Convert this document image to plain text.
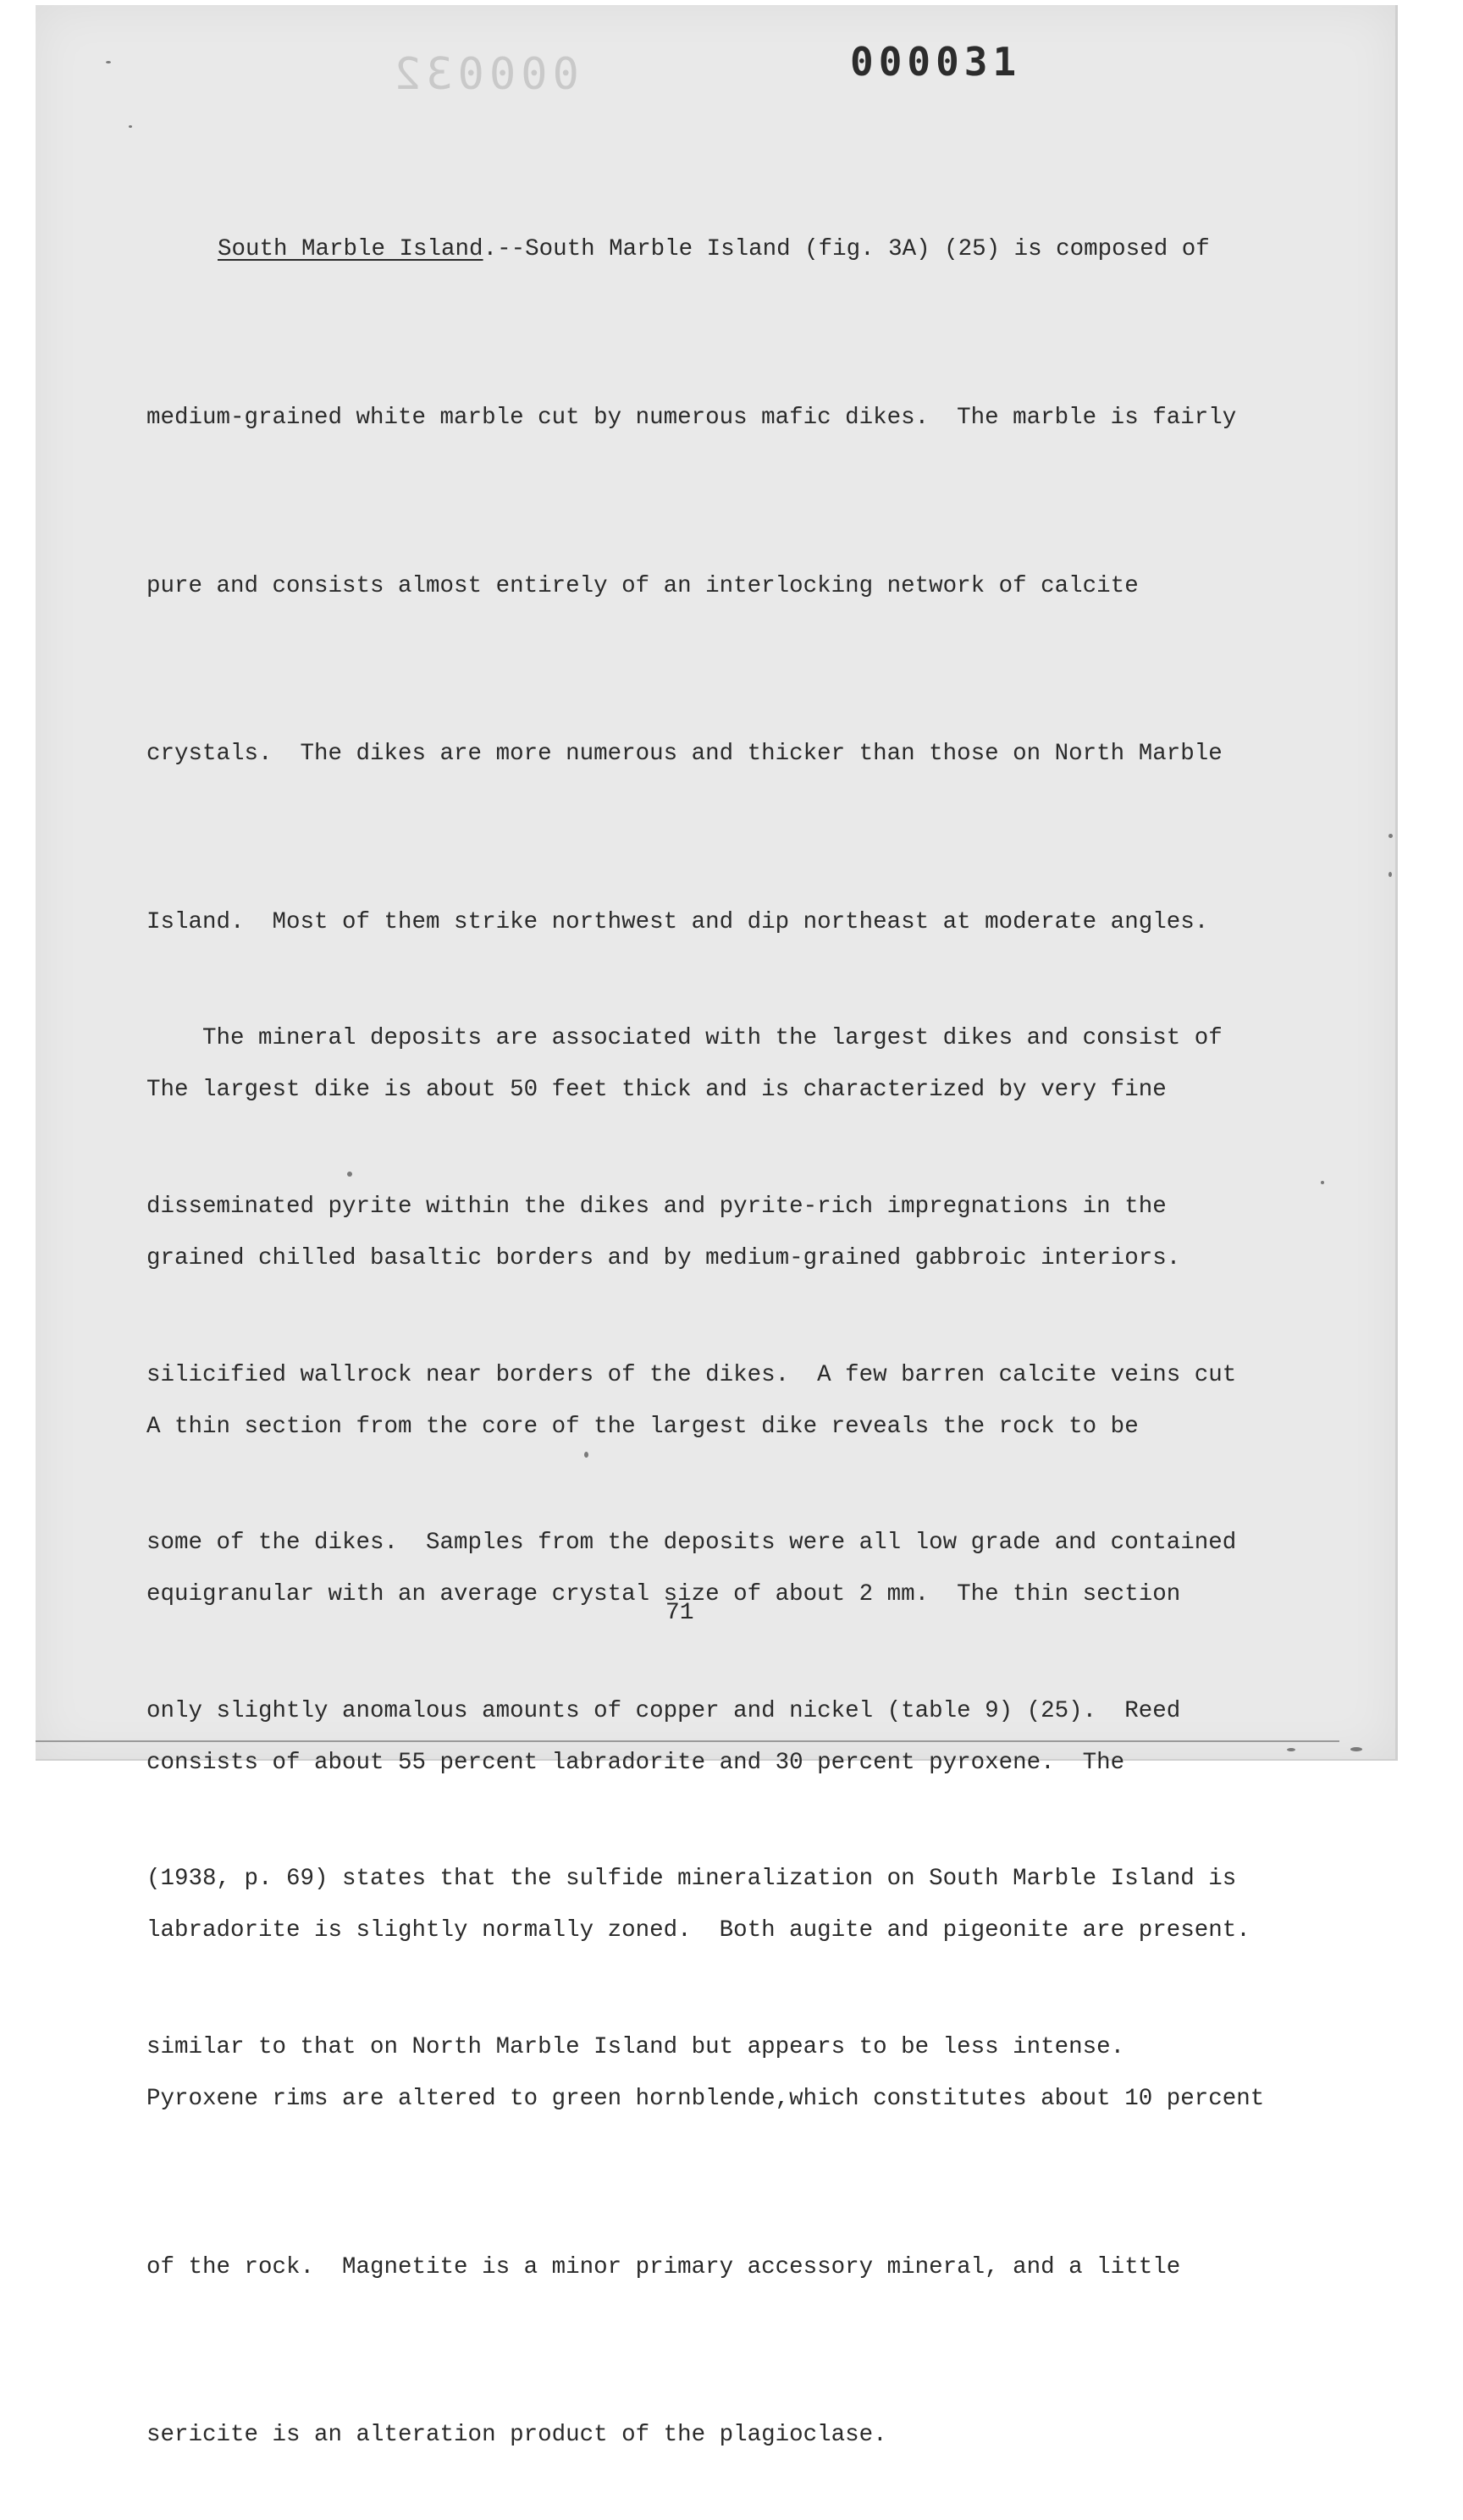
000032	000031

South Marble Island.--South Marble Island (fig. 3A) (25) is composed of

medium-grained white marble cut by numerous mafic dikes.  The marble is fairly

pure and consists almost entirely of an interlocking network of calcite

crystals.  The dikes are more numerous and thicker than those on North Marble

Island.  Most of them strike northwest and dip northeast at moderate angles.

The largest dike is about 50 feet thick and is characterized by very fine

grained chilled basaltic borders and by medium-grained gabbroic interiors.

A thin section from the core of the largest dike reveals the rock to be

equigranular with an average crystal size of about 2 mm.  The thin section

consists of about 55 percent labradorite and 30 percent pyroxene.  The

labradorite is slightly normally zoned.  Both augite and pigeonite are present.

Pyroxene rims are altered to green hornblende,which constitutes about 10 percent

of the rock.  Magnetite is a minor primary accessory mineral, and a little

sericite is an alteration product of the plagioclase.

The mineral deposits are associated with the largest dikes and consist of

disseminated pyrite within the dikes and pyrite-rich impregnations in the

silicified wallrock near borders of the dikes.  A few barren calcite veins cut

some of the dikes.  Samples from the deposits were all low grade and contained

only slightly anomalous amounts of copper and nickel (table 9) (25).  Reed

(1938, p. 69) states that the sulfide mineralization on South Marble Island is

similar to that on North Marble Island but appears to be less intense.

71
